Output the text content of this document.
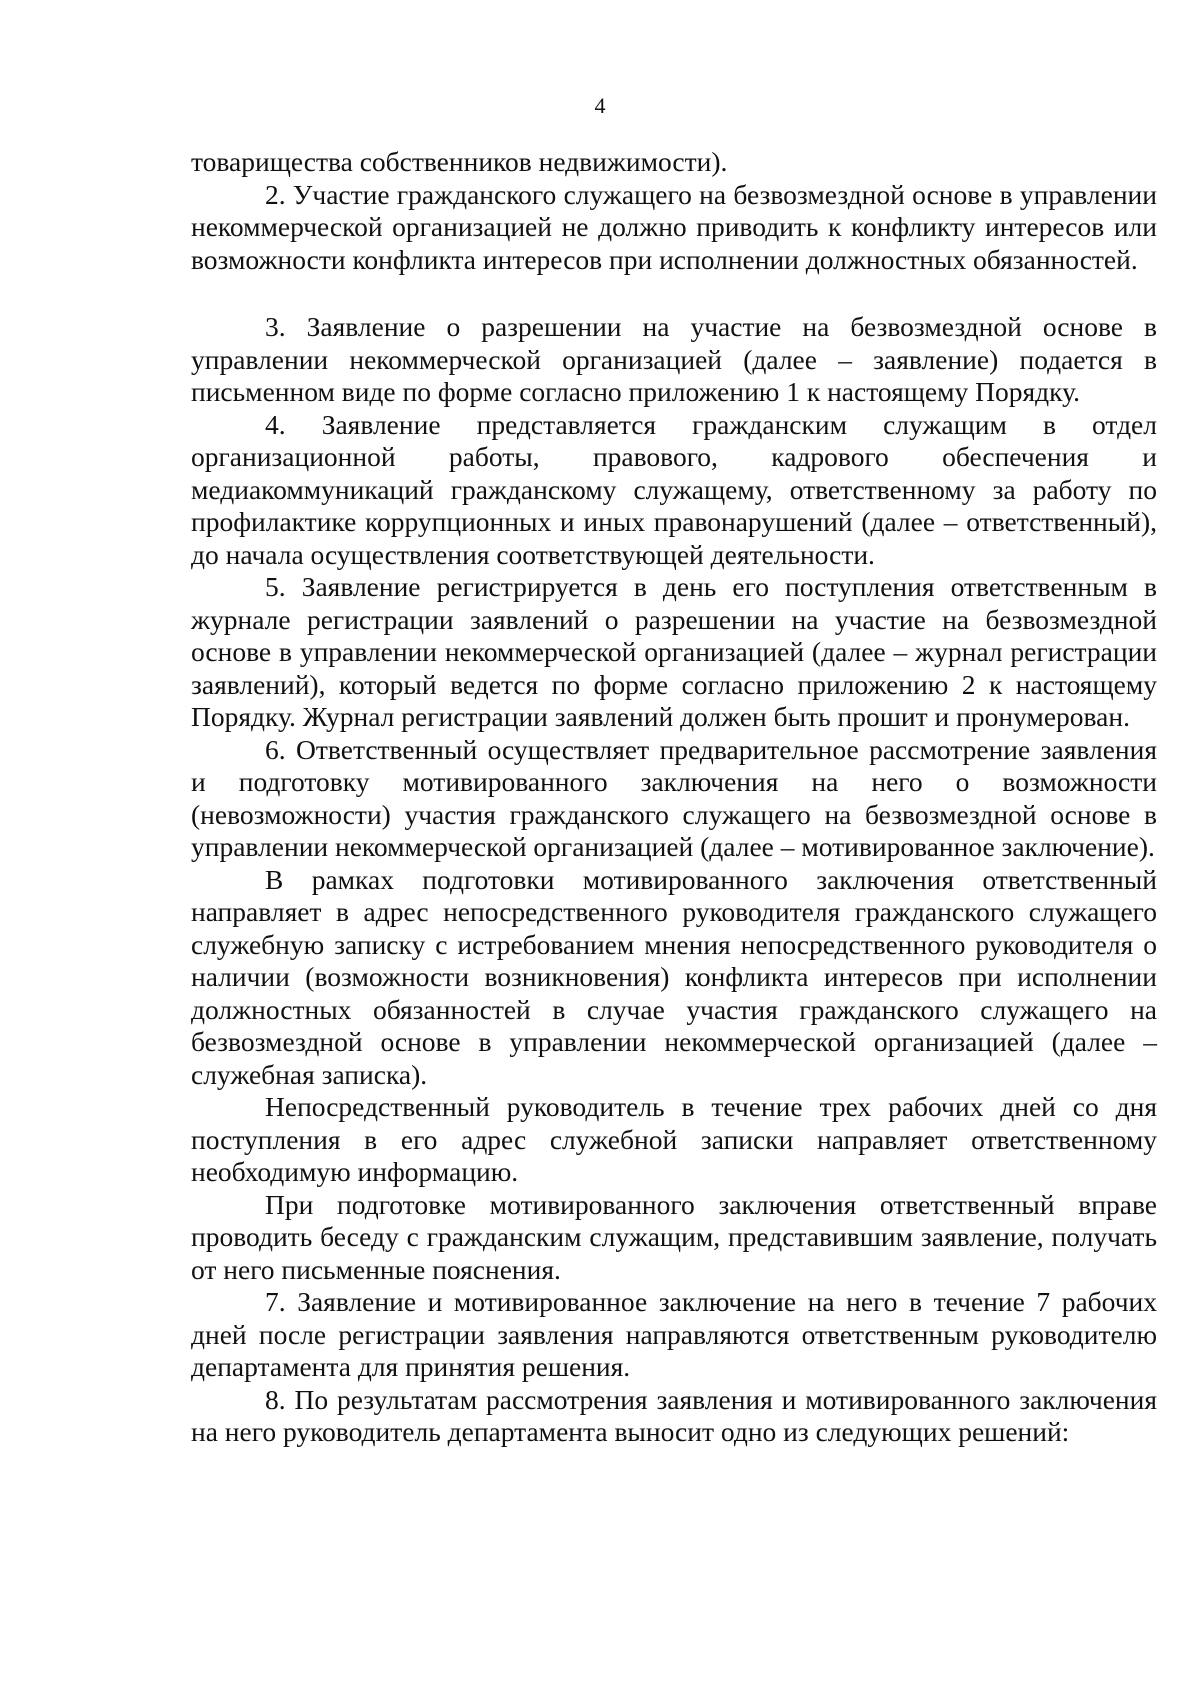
4

товарищества собственников недвижимости).

2. Участие гражданского служащего на безвозмездной основе в управлении некоммерческой организацией не должно приводить к конфликту интересов или возможности конфликта интересов при исполнении должностных обязанностей.

3. Заявление о разрешении на участие на безвозмездной основе в управлении некоммерческой организацией (далее – заявление) подается в письменном виде по форме согласно приложению 1 к настоящему Порядку.

4. Заявление представляется гражданским служащим в отдел организационной работы, правового, кадрового обеспечения и медиакоммуникаций гражданскому служащему, ответственному за работу по профилактике коррупционных и иных правонарушений (далее – ответственный), до начала осуществления соответствующей деятельности.

5. Заявление регистрируется в день его поступления ответственным в журнале регистрации заявлений о разрешении на участие на безвозмездной основе в управлении некоммерческой организацией (далее – журнал регистрации заявлений), который ведется по форме согласно приложению 2 к настоящему Порядку. Журнал регистрации заявлений должен быть прошит и пронумерован.

6. Ответственный осуществляет предварительное рассмотрение заявления и подготовку мотивированного заключения на него о возможности (невозможности) участия гражданского служащего на безвозмездной основе в управлении некоммерческой организацией (далее – мотивированное заключение).

В рамках подготовки мотивированного заключения ответственный направляет в адрес непосредственного руководителя гражданского служащего служебную записку с истребованием мнения непосредственного руководителя о наличии (возможности возникновения) конфликта интересов при исполнении должностных обязанностей в случае участия гражданского служащего на безвозмездной основе в управлении некоммерческой организацией (далее – служебная записка).

Непосредственный руководитель в течение трех рабочих дней со дня поступления в его адрес служебной записки направляет ответственному необходимую информацию.

При подготовке мотивированного заключения ответственный вправе проводить беседу с гражданским служащим, представившим заявление, получать от него письменные пояснения.

7. Заявление и мотивированное заключение на него в течение 7 рабочих дней после регистрации заявления направляются ответственным руководителю департамента для принятия решения.

8. По результатам рассмотрения заявления и мотивированного заключения на него руководитель департамента выносит одно из следующих решений:
